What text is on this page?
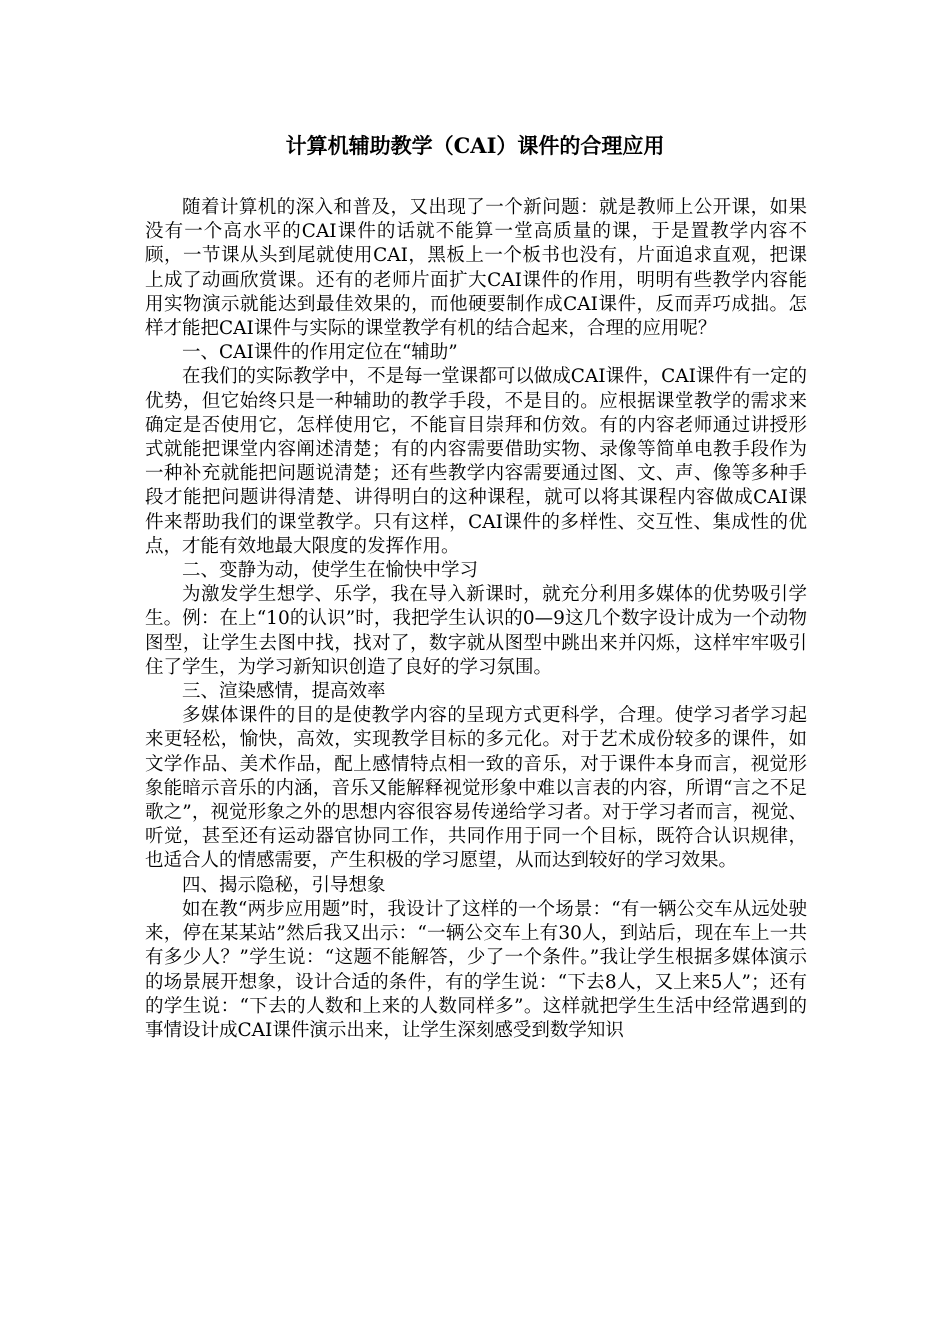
计算机辅助教学（CAI）课件的合理应用

随着计算机的深入和普及，又出现了一个新问题：就是教师上公开课，如果没有一个高水平的CAI课件的话就不能算一堂高质量的课，于是置教学内容不顾，一节课从头到尾就使用CAI，黑板上一个板书也没有，片面追求直观，把课上成了动画欣赏课。还有的老师片面扩大CAI课件的作用，明明有些教学内容能用实物演示就能达到最佳效果的，而他硬要制作成CAI课件，反而弄巧成拙。怎样才能把CAI课件与实际的课堂教学有机的结合起来，合理的应用呢？

一、CAI课件的作用定位在“辅助”

在我们的实际教学中，不是每一堂课都可以做成CAI课件，CAI课件有一定的优势，但它始终只是一种辅助的教学手段，不是目的。应根据课堂教学的需求来确定是否使用它，怎样使用它，不能盲目崇拜和仿效。有的内容老师通过讲授形式就能把课堂内容阐述清楚；有的内容需要借助实物、录像等简单电教手段作为一种补充就能把问题说清楚；还有些教学内容需要通过图、文、声、像等多种手段才能把问题讲得清楚、讲得明白的这种课程，就可以将其课程内容做成CAI课件来帮助我们的课堂教学。只有这样，CAI课件的多样性、交互性、集成性的优点，才能有效地最大限度的发挥作用。

二、变静为动，使学生在愉快中学习

为激发学生想学、乐学，我在导入新课时，就充分利用多媒体的优势吸引学生。例：在上“10的认识”时，我把学生认识的0—9这几个数字设计成为一个动物图型，让学生去图中找，找对了，数字就从图型中跳出来并闪烁，这样牢牢吸引住了学生，为学习新知识创造了良好的学习氛围。

三、渲染感情，提高效率

多媒体课件的目的是使教学内容的呈现方式更科学，合理。使学习者学习起来更轻松，愉快，高效，实现教学目标的多元化。对于艺术成份较多的课件，如文学作品、美术作品，配上感情特点相一致的音乐，对于课件本身而言，视觉形象能暗示音乐的内涵，音乐又能解释视觉形象中难以言表的内容，所谓“言之不足歌之”，视觉形象之外的思想内容很容易传递给学习者。对于学习者而言，视觉、听觉，甚至还有运动器官协同工作，共同作用于同一个目标，既符合认识规律，也适合人的情感需要，产生积极的学习愿望，从而达到较好的学习效果。

四、揭示隐秘，引导想象

如在教“两步应用题”时，我设计了这样的一个场景：“有一辆公交车从远处驶来，停在某某站”然后我又出示：“一辆公交车上有30人，到站后，现在车上一共有多少人？”学生说：“这题不能解答，少了一个条件。”我让学生根据多媒体演示的场景展开想象，设计合适的条件，有的学生说：“下去8人，又上来5人”；还有的学生说：“下去的人数和上来的人数同样多”。这样就把学生生活中经常遇到的事情设计成CAI课件演示出来，让学生深刻感受到数学知识
